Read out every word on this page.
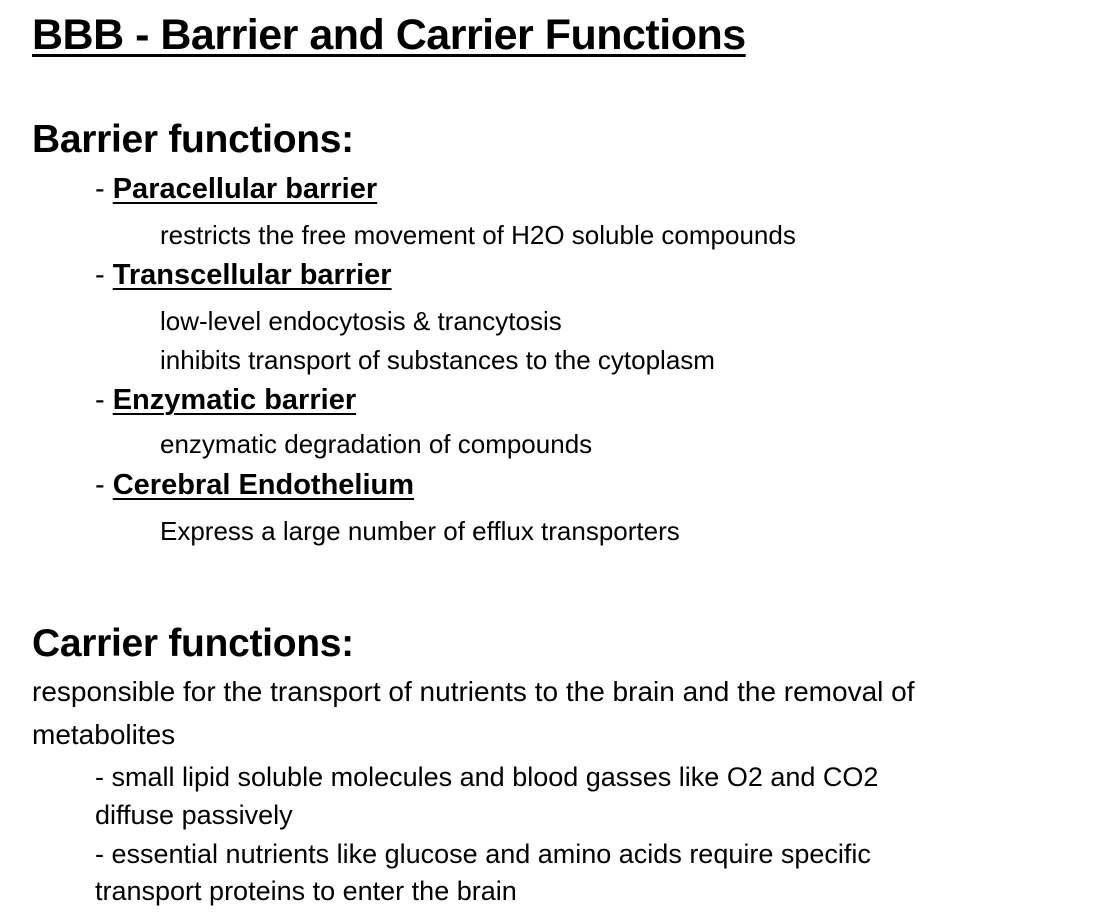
BBB - Barrier and Carrier Functions
Barrier functions:
- Paracellular barrier
restricts the free movement of H2O soluble compounds
- Transcellular barrier
low-level endocytosis & trancytosis
inhibits transport of substances to the cytoplasm
- Enzymatic barrier
enzymatic degradation of compounds
- Cerebral Endothelium
Express a large number of efflux transporters
Carrier functions:
responsible for the transport of nutrients to the brain and the removal of
metabolites
- small lipid soluble molecules and blood gasses like O2 and CO2
diffuse passively
- essential nutrients like glucose and amino acids require specific
transport proteins to enter the brain
